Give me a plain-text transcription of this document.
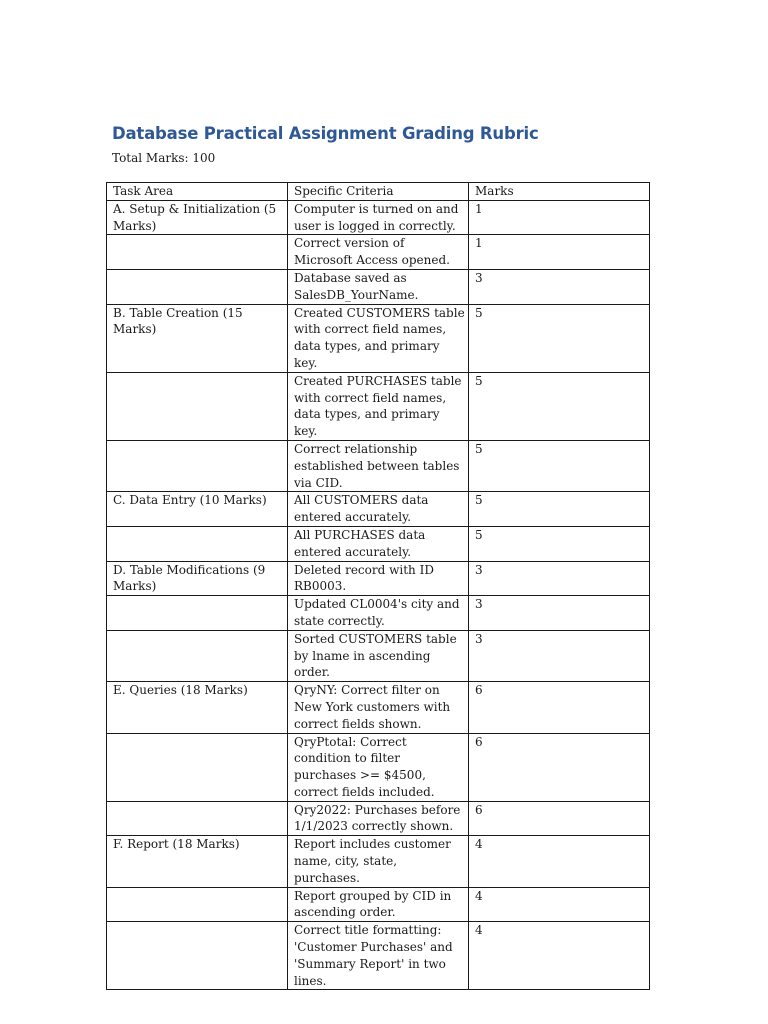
Database Practical Assignment Grading Rubric

Total Marks: 100

Task Area	Specific Criteria	Marks
A. Setup & Initialization (5 Marks)	Computer is turned on and user is logged in correctly.	1
	Correct version of Microsoft Access opened.	1
	Database saved as SalesDB_YourName.	3
B. Table Creation (15 Marks)	Created CUSTOMERS table with correct field names, data types, and primary key.	5
	Created PURCHASES table with correct field names, data types, and primary key.	5
	Correct relationship established between tables via CID.	5
C. Data Entry (10 Marks)	All CUSTOMERS data entered accurately.	5
	All PURCHASES data entered accurately.	5
D. Table Modifications (9 Marks)	Deleted record with ID RB0003.	3
	Updated CL0004's city and state correctly.	3
	Sorted CUSTOMERS table by lname in ascending order.	3
E. Queries (18 Marks)	QryNY: Correct filter on New York customers with correct fields shown.	6
	QryPtotal: Correct condition to filter purchases >= $4500, correct fields included.	6
	Qry2022: Purchases before 1/1/2023 correctly shown.	6
F. Report (18 Marks)	Report includes customer name, city, state, purchases.	4
	Report grouped by CID in ascending order.	4
	Correct title formatting: 'Customer Purchases' and 'Summary Report' in two lines.	4
